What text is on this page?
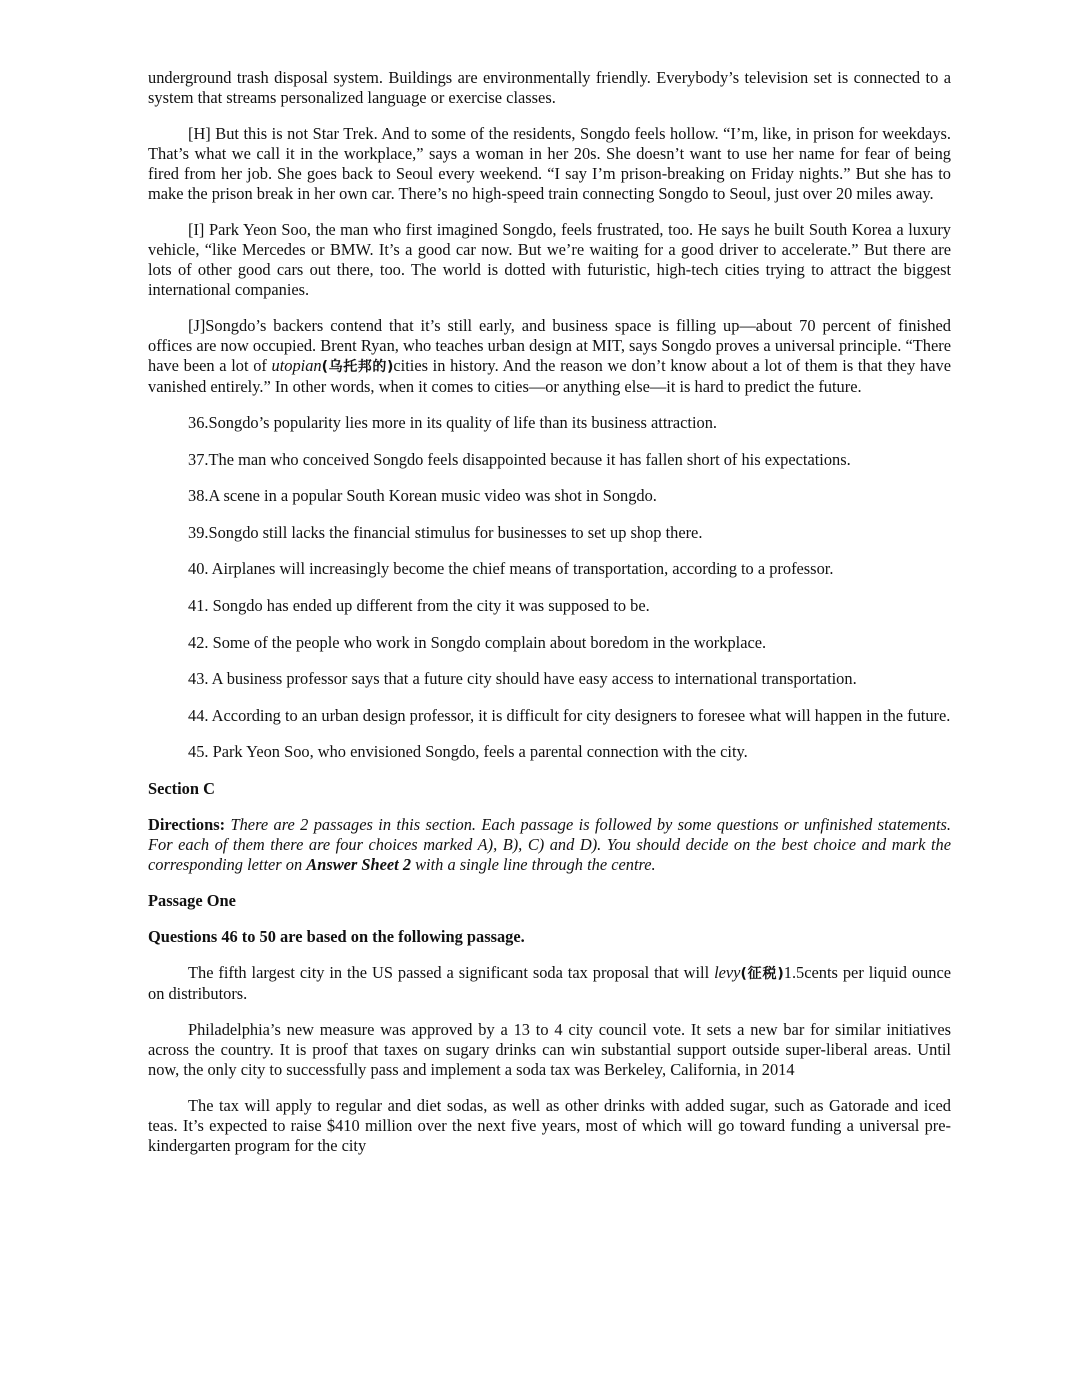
underground trash disposal system. Buildings are environmentally friendly. Everybody’s television set is connected to a system that streams personalized language or exercise classes.

[H] But this is not Star Trek. And to some of the residents, Songdo feels hollow. “I’m, like, in prison for weekdays. That’s what we call it in the workplace,” says a woman in her 20s. She doesn’t want to use her name for fear of being fired from her job. She goes back to Seoul every weekend. “I say I’m prison-breaking on Friday nights.” But she has to make the prison break in her own car. There’s no high-speed train connecting Songdo to Seoul, just over 20 miles away.

[I] Park Yeon Soo, the man who first imagined Songdo, feels frustrated, too. He says he built South Korea a luxury vehicle, “like Mercedes or BMW. It’s a good car now. But we’re waiting for a good driver to accelerate.” But there are lots of other good cars out there, too. The world is dotted with futuristic, high-tech cities trying to attract the biggest international companies.

[J]Songdo’s backers contend that it’s still early, and business space is filling up—about 70 percent of finished offices are now occupied. Brent Ryan, who teaches urban design at MIT, says Songdo proves a universal principle. “There have been a lot of utopian(乌托邦的)cities in history. And the reason we don’t know about a lot of them is that they have vanished entirely.” In other words, when it comes to cities—or anything else—it is hard to predict the future.

36.Songdo’s popularity lies more in its quality of life than its business attraction.

37.The man who conceived Songdo feels disappointed because it has fallen short of his expectations.

38.A scene in a popular South Korean music video was shot in Songdo.

39.Songdo still lacks the financial stimulus for businesses to set up shop there.

40. Airplanes will increasingly become the chief means of transportation, according to a professor.

41. Songdo has ended up different from the city it was supposed to be.

42. Some of the people who work in Songdo complain about boredom in the workplace.

43. A business professor says that a future city should have easy access to international transportation.

44. According to an urban design professor, it is difficult for city designers to foresee what will happen in the future.

45. Park Yeon Soo, who envisioned Songdo, feels a parental connection with the city.

Section C

Directions: There are 2 passages in this section. Each passage is followed by some questions or unfinished statements. For each of them there are four choices marked A), B), C) and D). You should decide on the best choice and mark the corresponding letter on Answer Sheet 2 with a single line through the centre.

Passage One

Questions 46 to 50 are based on the following passage.

The fifth largest city in the US passed a significant soda tax proposal that will levy(征税)1.5cents per liquid ounce on distributors.

Philadelphia’s new measure was approved by a 13 to 4 city council vote. It sets a new bar for similar initiatives across the country. It is proof that taxes on sugary drinks can win substantial support outside super-liberal areas. Until now, the only city to successfully pass and implement a soda tax was Berkeley, California, in 2014

The tax will apply to regular and diet sodas, as well as other drinks with added sugar, such as Gatorade and iced teas. It’s expected to raise $410 million over the next five years, most of which will go toward funding a universal pre-kindergarten program for the city
